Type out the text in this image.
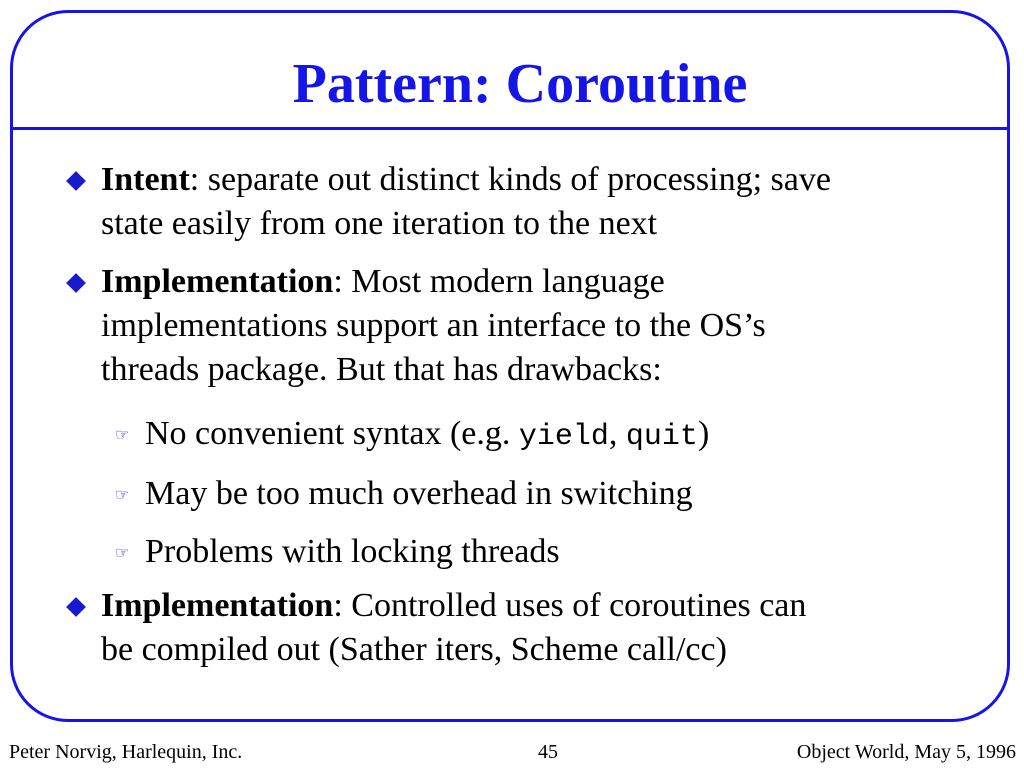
Pattern: Coroutine
Intent: separate out distinct kinds of processing; save
state easily from one iteration to the next
Implementation: Most modern language
implementations support an interface to the OS’s
threads package. But that has drawbacks:
☞ No convenient syntax (e.g. yield, quit)
☞ May be too much overhead in switching
☞ Problems with locking threads
Implementation: Controlled uses of coroutines can
be compiled out (Sather iters, Scheme call/cc)
Peter Norvig, Harlequin, Inc.	45	Object World, May 5, 1996
